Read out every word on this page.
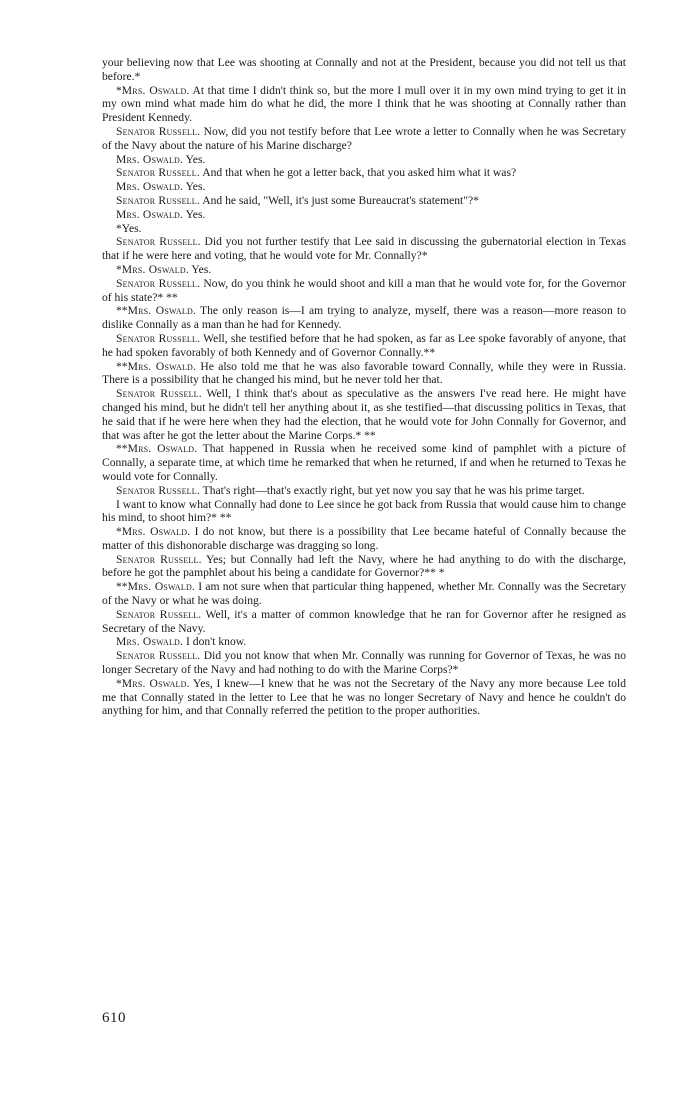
your believing now that Lee was shooting at Connally and not at the President, because you did not tell us that before.*

*Mrs. Oswald. At that time I didn't think so, but the more I mull over it in my own mind trying to get it in my own mind what made him do what he did, the more I think that he was shooting at Connally rather than President Kennedy.

Senator Russell. Now, did you not testify before that Lee wrote a letter to Connally when he was Secretary of the Navy about the nature of his Marine discharge?

Mrs. Oswald. Yes.

Senator Russell. And that when he got a letter back, that you asked him what it was?

Mrs. Oswald. Yes.

Senator Russell. And he said, "Well, it's just some Bureaucrat's statement"?*

Mrs. Oswald. Yes.

*Yes.

Senator Russell. Did you not further testify that Lee said in discussing the gubernatorial election in Texas that if he were here and voting, that he would vote for Mr. Connally?*

*Mrs. Oswald. Yes.

Senator Russell. Now, do you think he would shoot and kill a man that he would vote for, for the Governor of his state?* **

**Mrs. Oswald. The only reason is—I am trying to analyze, myself, there was a reason—more reason to dislike Connally as a man than he had for Kennedy.

Senator Russell. Well, she testified before that he had spoken, as far as Lee spoke favorably of anyone, that he had spoken favorably of both Kennedy and of Governor Connally.**

**Mrs. Oswald. He also told me that he was also favorable toward Connally, while they were in Russia. There is a possibility that he changed his mind, but he never told her that.

Senator Russell. Well, I think that's about as speculative as the answers I've read here. He might have changed his mind, but he didn't tell her anything about it, as she testified—that discussing politics in Texas, that he said that if he were here when they had the election, that he would vote for John Connally for Governor, and that was after he got the letter about the Marine Corps.* **

**Mrs. Oswald. That happened in Russia when he received some kind of pamphlet with a picture of Connally, a separate time, at which time he remarked that when he returned, if and when he returned to Texas he would vote for Connally.

Senator Russell. That's right—that's exactly right, but yet now you say that he was his prime target.

I want to know what Connally had done to Lee since he got back from Russia that would cause him to change his mind, to shoot him?* **

*Mrs. Oswald. I do not know, but there is a possibility that Lee became hateful of Connally because the matter of this dishonorable discharge was dragging so long.

Senator Russell. Yes; but Connally had left the Navy, where he had anything to do with the discharge, before he got the pamphlet about his being a candidate for Governor?** *

**Mrs. Oswald. I am not sure when that particular thing happened, whether Mr. Connally was the Secretary of the Navy or what he was doing.

Senator Russell. Well, it's a matter of common knowledge that he ran for Governor after he resigned as Secretary of the Navy.

Mrs. Oswald. I don't know.

Senator Russell. Did you not know that when Mr. Connally was running for Governor of Texas, he was no longer Secretary of the Navy and had nothing to do with the Marine Corps?*

*Mrs. Oswald. Yes, I knew—I knew that he was not the Secretary of the Navy any more because Lee told me that Connally stated in the letter to Lee that he was no longer Secretary of Navy and hence he couldn't do anything for him, and that Connally referred the petition to the proper authorities.

610
